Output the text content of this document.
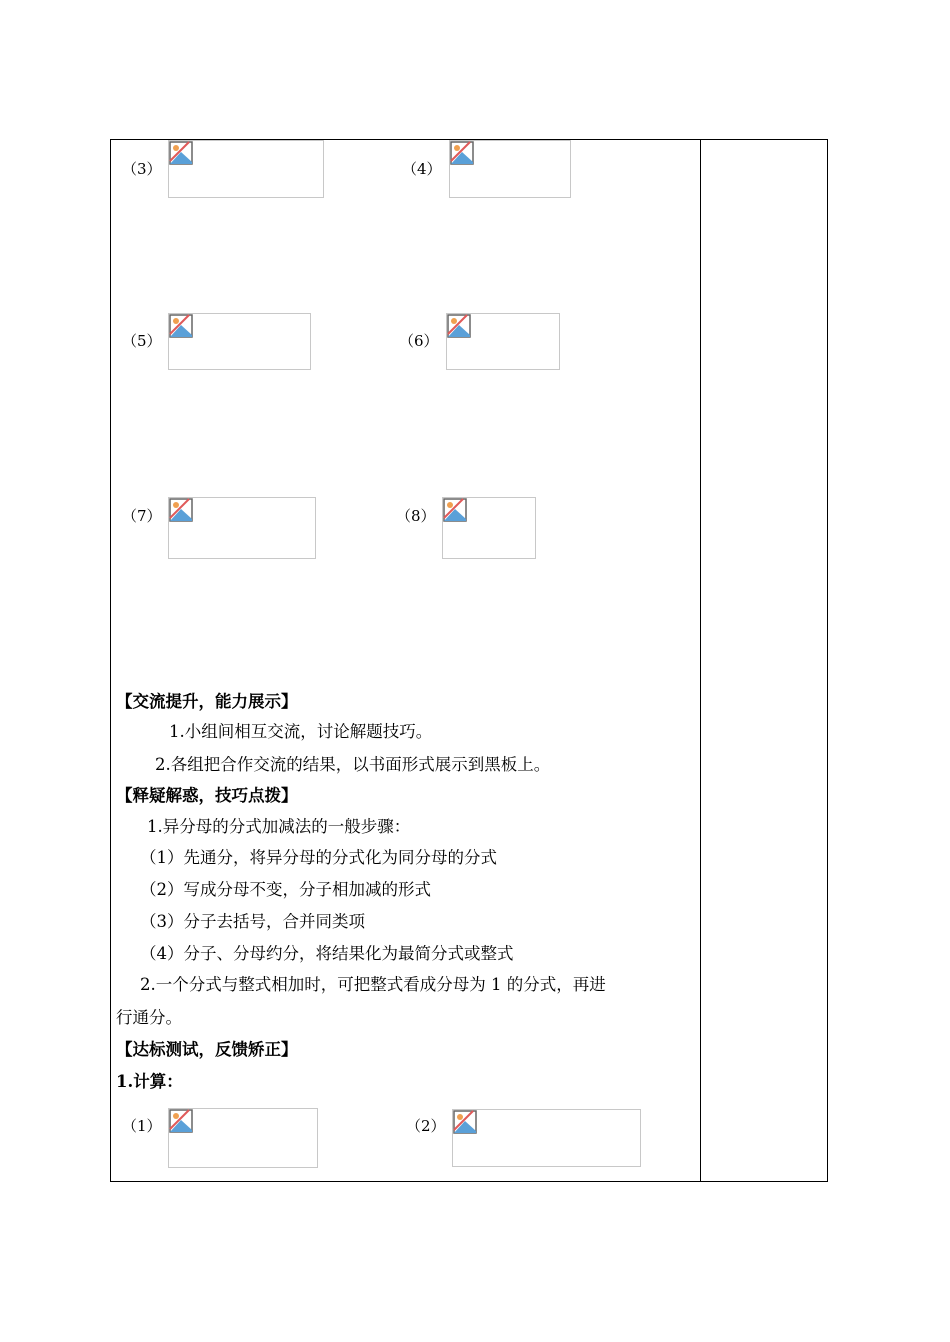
（3）	（4）
（5）	（6）
（7）	（8）
【交流提升，能力展示】
1.小组间相互交流，讨论解题技巧。
2.各组把合作交流的结果，以书面形式展示到黑板上。
【释疑解惑，技巧点拨】
1.异分母的分式加减法的一般步骤：
（1）先通分，将异分母的分式化为同分母的分式
（2）写成分母不变，分子相加减的形式
（3）分子去括号，合并同类项
（4）分子、分母约分，将结果化为最简分式或整式
2.一个分式与整式相加时，可把整式看成分母为 1 的分式，再进
行通分。
【达标测试，反馈矫正】
1.计算：
（1）	（2）
